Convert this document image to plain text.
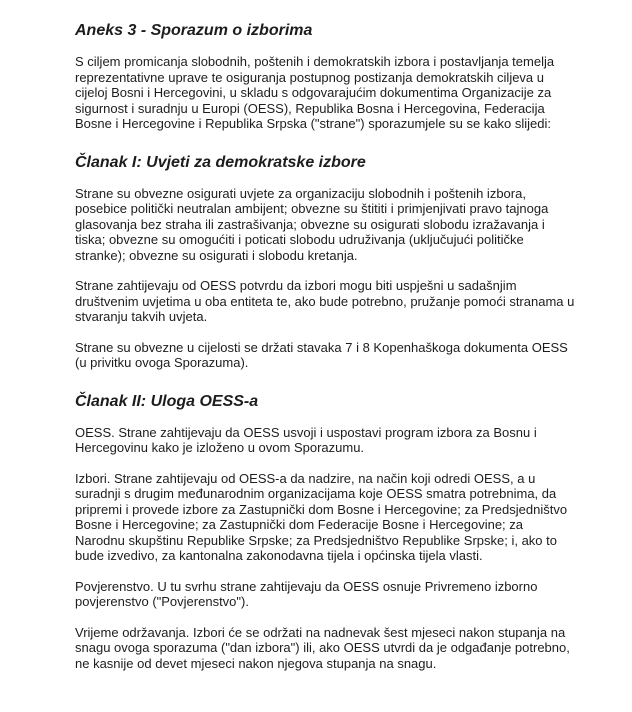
Aneks 3 - Sporazum o izborima

S ciljem promicanja slobodnih, poštenih i demokratskih izbora i postavljanja temelja reprezentativne uprave te osiguranja postupnog postizanja demokratskih ciljeva u cijeloj Bosni i Hercegovini, u skladu s odgovarajućim dokumentima Organizacije za sigurnost i suradnju u Europi (OESS), Republika Bosna i Hercegovina, Federacija Bosne i Hercegovine i Republika Srpska ("strane") sporazumjele su se kako slijedi:

Članak I: Uvjeti za demokratske izbore

Strane su obvezne osigurati uvjete za organizaciju slobodnih i poštenih izbora, posebice politički neutralan ambijent; obvezne su štititi i primjenjivati pravo tajnoga glasovanja bez straha ili zastrašivanja; obvezne su osigurati slobodu izražavanja i tiska; obvezne su omogućiti i poticati slobodu udruživanja (uključujući političke stranke); obvezne su osigurati i slobodu kretanja.

Strane zahtijevaju od OESS potvrdu da izbori mogu biti uspješni u sadašnjim društvenim uvjetima u oba entiteta te, ako bude potrebno, pružanje pomoći stranama u stvaranju takvih uvjeta.

Strane su obvezne u cijelosti se držati stavaka 7 i 8 Kopenhaškoga dokumenta OESS (u privitku ovoga Sporazuma).

Članak II: Uloga OESS-a

OESS. Strane zahtijevaju da OESS usvoji i uspostavi program izbora za Bosnu i Hercegovinu kako je izloženo u ovom Sporazumu.

Izbori. Strane zahtijevaju od OESS-a da nadzire, na način koji odredi OESS, a u suradnji s drugim međunarodnim organizacijama koje OESS smatra potrebnima, da pripremi i provede izbore za Zastupnički dom Bosne i Hercegovine; za Predsjedništvo Bosne i Hercegovine; za Zastupnički dom Federacije Bosne i Hercegovine; za Narodnu skupštinu Republike Srpske; za Predsjedništvo Republike Srpske; i, ako to bude izvedivo, za kantonalna zakonodavna tijela i općinska tijela vlasti.

Povjerenstvo. U tu svrhu strane zahtijevaju da OESS osnuje Privremeno izborno povjerenstvo ("Povjerenstvo").

Vrijeme održavanja. Izbori će se održati na nadnevak šest mjeseci nakon stupanja na snagu ovoga sporazuma ("dan izbora") ili, ako OESS utvrdi da je odgađanje potrebno, ne kasnije od devet mjeseci nakon njegova stupanja na snagu.
